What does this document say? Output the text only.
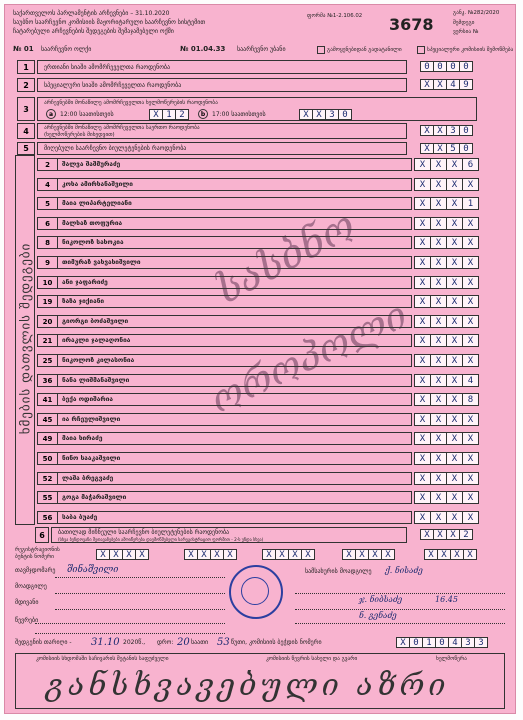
საქართველოს პარლამენტის არჩევნები – 31.10.2020
საუბნო საარჩევნო კომისიის მაჟორიტარული საარჩევნო სისტემით
ჩატარებული არჩევნების შედეგების შემაჯამებელი ოქმი
ფორმა №1-2.106.02 3678
განკ. №282/2020
შემდეგი
ვერსია №
№ 01 საარჩევნო ოლქი	№ 01.04.33 საარჩევნო უბანი	გამოყენებიდან გადატანილი	სპეციალური კომისიის შემოწმება
1	ერთიანი სიაში ამომრჩეველთა რაოდენობა	0 0 0 0
2	სპეციალური სიაში ამომრჩეველთა რაოდენობა	X X 4 9
3
არჩევნებში მონაწილე ამომრჩეველთა ხელმოწერების რაოდენობა
a	12:00 საათისთვის	X 1 2	b	17:00 საათისთვის	X X 3 0
4	არჩევნებში მონაწილე ამომრჩეველთა საერთო რაოდენობა
(ხელმოწერების მიხედვით)	X X 3 0
5	მიღებული საარჩევნო ბიულეტენების რაოდენობა	X X 5 0
ხმების დათვლის შედეგები	სასბნო
ოროპოლი
6	ბათილად მიჩნეული საარჩევნო ბიულეტენების რაოდენობა
(სხვა ბუნდოვანი შეთავაზებები ამოიწერება დაუმოწმებელი სარეგისტრაციო ფორმით - 2-ს უნდა სხვა)	X X X 2
რეგისტრაციონის
ბუნტის ნომერი	X X X X	X X X X	X X X X	X X X X	X X X X
თავმჯდომარე შინაშვილი
მოადგილე
მდივანი
წევრები
სამსახურის მოადგილე ქ. ნისაძე
ჯ. ნიბსაძე	16.45
ნ. გენაძე
შედგენის თარიღი - 31.10 2020წ., დრო: 20 საათი 53 წუთი, კომისიის ბეჭდის ნომერი	X 0 1 0 4 3 3
კომისიის სხდომაში საჩივარის შეტანის საფუძველი	კომისიის წევრის სახელი და გვარი	ხელმოწერა
განსხვავებული აზრი
2	შალვა შაშმურაძე	X	X	X	6
4	კოხა ამირხანაშვილი	X	X	X	X
5	მაია ლიპარტელიანი	X	X	X	1
6	მალხაზ თოფურია	X	X	X	X
8	ნიკოლოზ სახოკია	X	X	X	X
9	თიმურაზ ვახვახიშვილი	X	X	X	X
10	ანი ჯაფარიძე	X	X	X	X
19	ზაზა ჯიქიანი	X	X	X	X
20	გიორგი ბოძაშვილი	X	X	X	X
21	ირაკლი ჯალაღონია	X	X	X	X
25	ნიკოლოზ კილასონია	X	X	X	X
36	ნანა ლიშმანაშვილი	X	X	X	4
41	ბექა ოდიშარია	X	X	X	8
45	ია რჩეულიშვილი	X	X	X	X
49	მაია ხირაძე	X	X	X	X
50	ნინო სააკაშვილი	X	X	X	X
52	ლაშა ბრეგვაძე	X	X	X	X
55	გოგა მაჭარაშვილი	X	X	X	X
56	საბა ბუაძე	X	X	X	X
